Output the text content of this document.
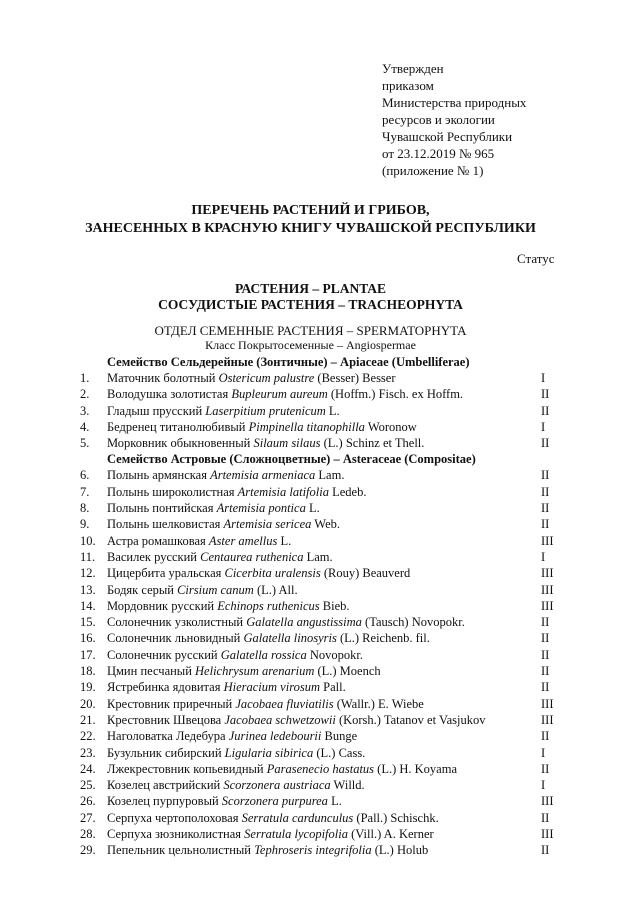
Утвержден
приказом
Министерства природных
ресурсов и экологии
Чувашской Республики
от 23.12.2019 № 965
(приложение № 1)
ПЕРЕЧЕНЬ РАСТЕНИЙ И ГРИБОВ,
ЗАНЕСЕННЫХ В КРАСНУЮ КНИГУ ЧУВАШСКОЙ РЕСПУБЛИКИ
Статус
РАСТЕНИЯ – PLANTAE
СОСУДИСТЫЕ РАСТЕНИЯ – TRACHEOPHYTA
ОТДЕЛ СЕМЕННЫЕ РАСТЕНИЯ – SPERMATOPHYTA
Класс Покрытосеменные – Angiospermae
Семейство Сельдерейные (Зонтичные) – Apiaceae (Umbelliferae)
1.	Маточник болотный Ostericum palustre (Besser) Besser	I
2.	Володушка золотистая Bupleurum aureum (Hoffm.) Fisch. ex Hoffm.	II
3.	Гладыш прусский Laserpitium prutenicum L.	II
4.	Бедренец титанолюбивый Pimpinella titanophilla Woronow	I
5.	Морковник обыкновенный Silaum silaus (L.) Schinz et Thell.	II
Семейство Астровые (Сложноцветные) – Asteraceae (Compositae)
6.	Полынь армянская Artemisia armeniaca Lam.	II
7.	Полынь широколистная Artemisia latifolia Ledeb.	II
8.	Полынь понтийская Artemisia pontica L.	II
9.	Полынь шелковистая Artemisia sericea Web.	II
10. Астра ромашковая Aster amellus L.	III
11. Василек русский Centaurea ruthenica Lam.	I
12. Цицербита уральская Cicerbita uralensis (Rouy) Beauverd	III
13. Бодяк серый Cirsium canum (L.) All.	III
14. Мордовник русский Echinops ruthenicus Bieb.	III
15. Солонечник узколистный Galatella angustissima (Tausch) Novopokr.	II
16. Солонечник льновидный Galatella linosyris (L.) Reichenb. fil.	II
17. Солонечник русский Galatella rossica Novopokr.	II
18. Цмин песчаный Helichrysum arenarium (L.) Moench	II
19. Ястребинка ядовитая Hieracium virosum Pall.	II
20. Крестовник приречный Jacobaea fluviatilis (Wallr.) E. Wiebe	III
21. Крестовник Швецова Jacobaea schwetzowii (Korsh.) Tatanov et Vasjukov	III
22. Наголоватка Ледебура Jurinea ledebourii Bunge	II
23. Бузульник сибирский Ligularia sibirica (L.) Cass.	I
24. Лжекрестовник копьевидный Parasenecio hastatus (L.) H. Koyama	II
25. Козелец австрийский Scorzonera austriaca Willd.	I
26. Козелец пурпуровый Scorzonera purpurea L.	III
27. Серпуха чертополоховая Serratula cardunculus (Pall.) Schischk.	II
28. Серпуха зюзниколистная Serratula lycopifolia (Vill.) A. Kerner	III
29. Пепельник цельнолистный Tephroseris integrifolia (L.) Holub	II
